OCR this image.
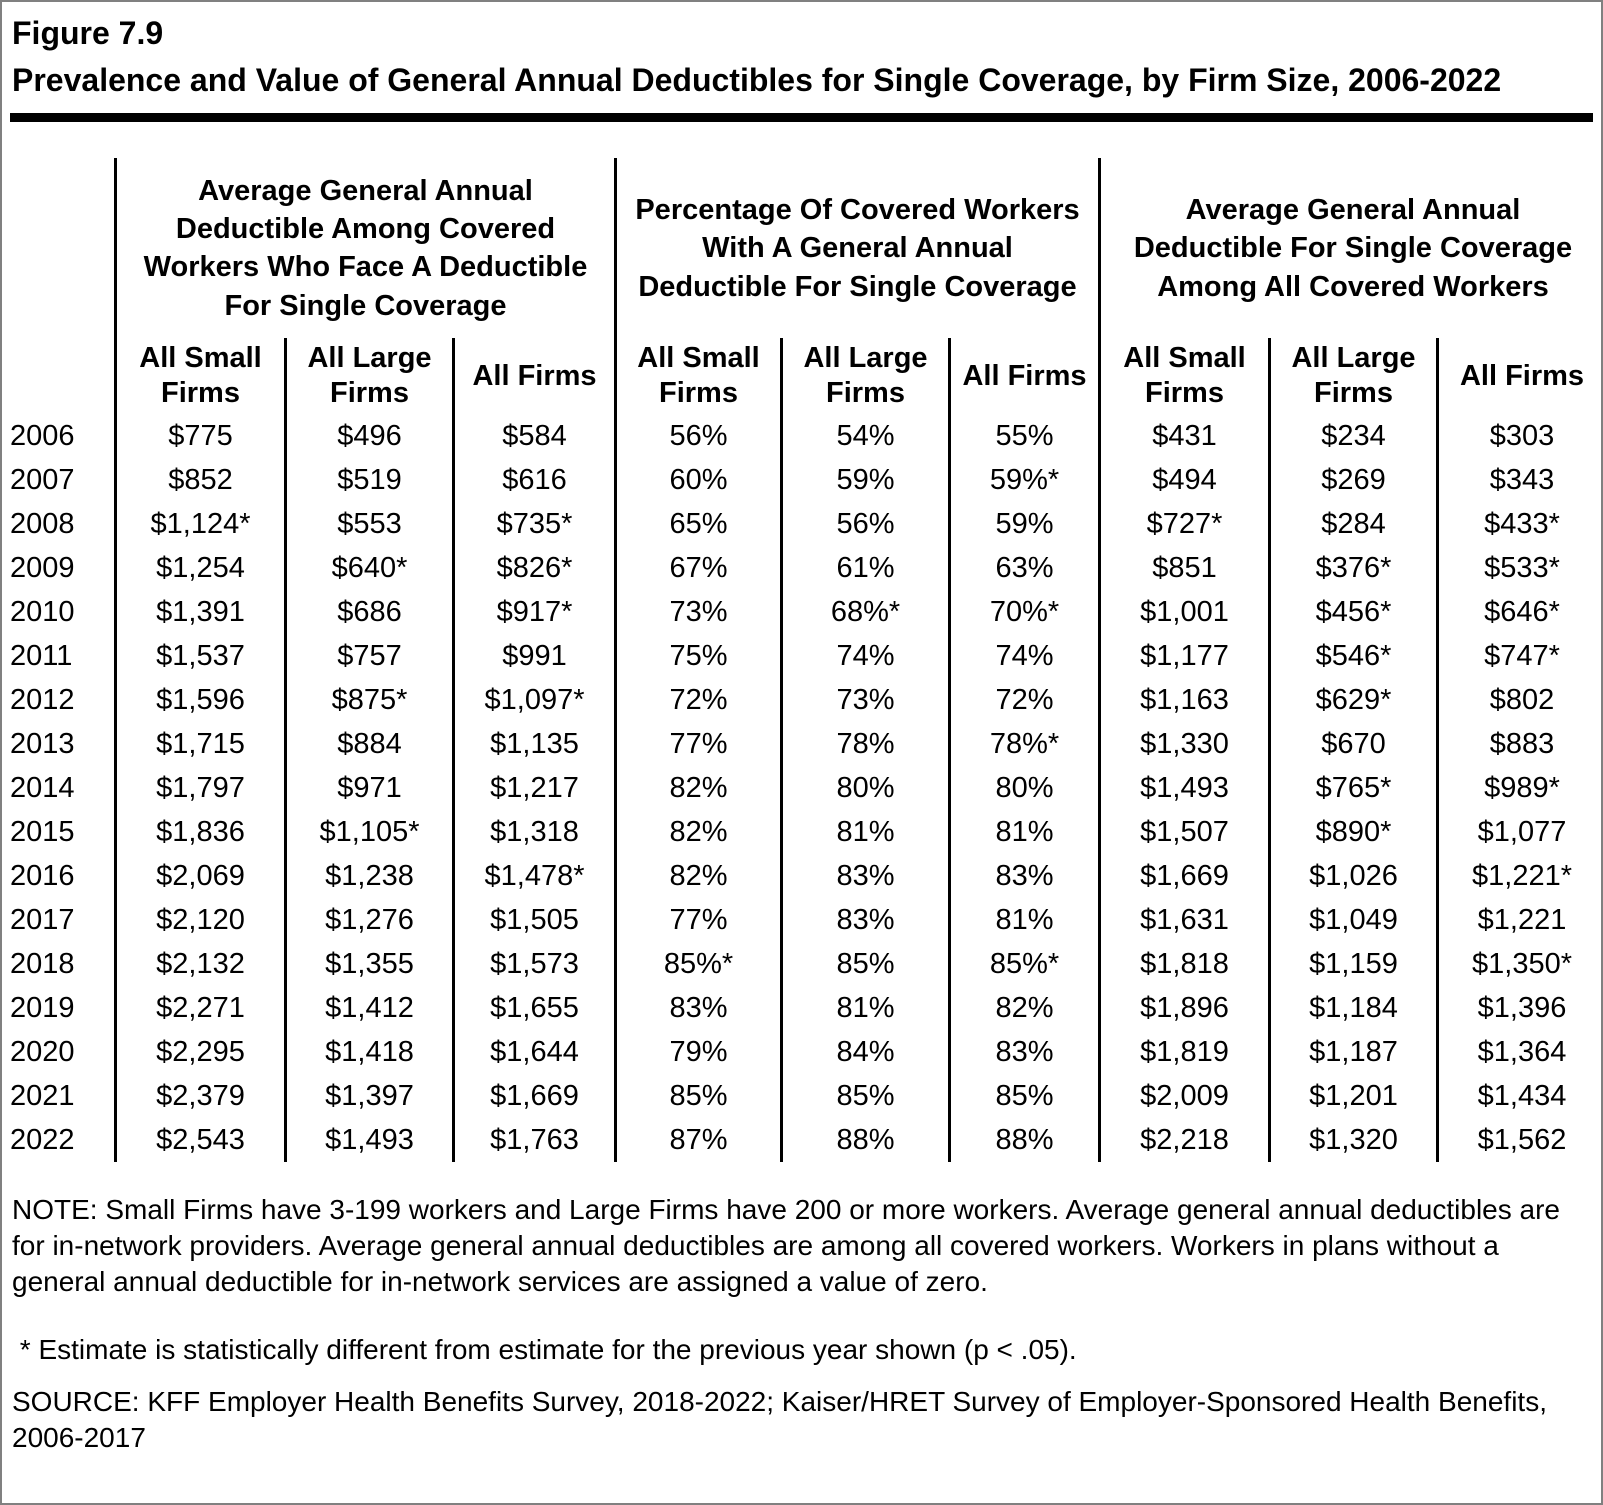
Figure 7.9
Prevalence and Value of General Annual Deductibles for Single Coverage, by Firm Size, 2006-2022
Average General Annual Deductible Among Covered Workers Who Face A Deductible For Single Coverage
Percentage Of Covered Workers With A General Annual Deductible For Single Coverage
Average General Annual Deductible For Single Coverage Among All Covered Workers
All Small Firms
All Large Firms
All Firms
All Small Firms
All Large Firms
All Firms
All Small Firms
All Large Firms
All Firms
2006	$775	$496	$584	56%	54%	55%	$431	$234	$303
2007	$852	$519	$616	60%	59%	59%*	$494	$269	$343
2008	$1,124*	$553	$735*	65%	56%	59%	$727*	$284	$433*
2009	$1,254	$640*	$826*	67%	61%	63%	$851	$376*	$533*
2010	$1,391	$686	$917*	73%	68%*	70%*	$1,001	$456*	$646*
2011	$1,537	$757	$991	75%	74%	74%	$1,177	$546*	$747*
2012	$1,596	$875*	$1,097*	72%	73%	72%	$1,163	$629*	$802
2013	$1,715	$884	$1,135	77%	78%	78%*	$1,330	$670	$883
2014	$1,797	$971	$1,217	82%	80%	80%	$1,493	$765*	$989*
2015	$1,836	$1,105*	$1,318	82%	81%	81%	$1,507	$890*	$1,077
2016	$2,069	$1,238	$1,478*	82%	83%	83%	$1,669	$1,026	$1,221*
2017	$2,120	$1,276	$1,505	77%	83%	81%	$1,631	$1,049	$1,221
2018	$2,132	$1,355	$1,573	85%*	85%	85%*	$1,818	$1,159	$1,350*
2019	$2,271	$1,412	$1,655	83%	81%	82%	$1,896	$1,184	$1,396
2020	$2,295	$1,418	$1,644	79%	84%	83%	$1,819	$1,187	$1,364
2021	$2,379	$1,397	$1,669	85%	85%	85%	$2,009	$1,201	$1,434
2022	$2,543	$1,493	$1,763	87%	88%	88%	$2,218	$1,320	$1,562
NOTE: Small Firms have 3-199 workers and Large Firms have 200 or more workers. Average general annual deductibles are for in-network providers. Average general annual deductibles are among all covered workers. Workers in plans without a general annual deductible for in-network services are assigned a value of zero.
* Estimate is statistically different from estimate for the previous year shown (p < .05).
SOURCE: KFF Employer Health Benefits Survey, 2018-2022; Kaiser/HRET Survey of Employer-Sponsored Health Benefits, 2006-2017
